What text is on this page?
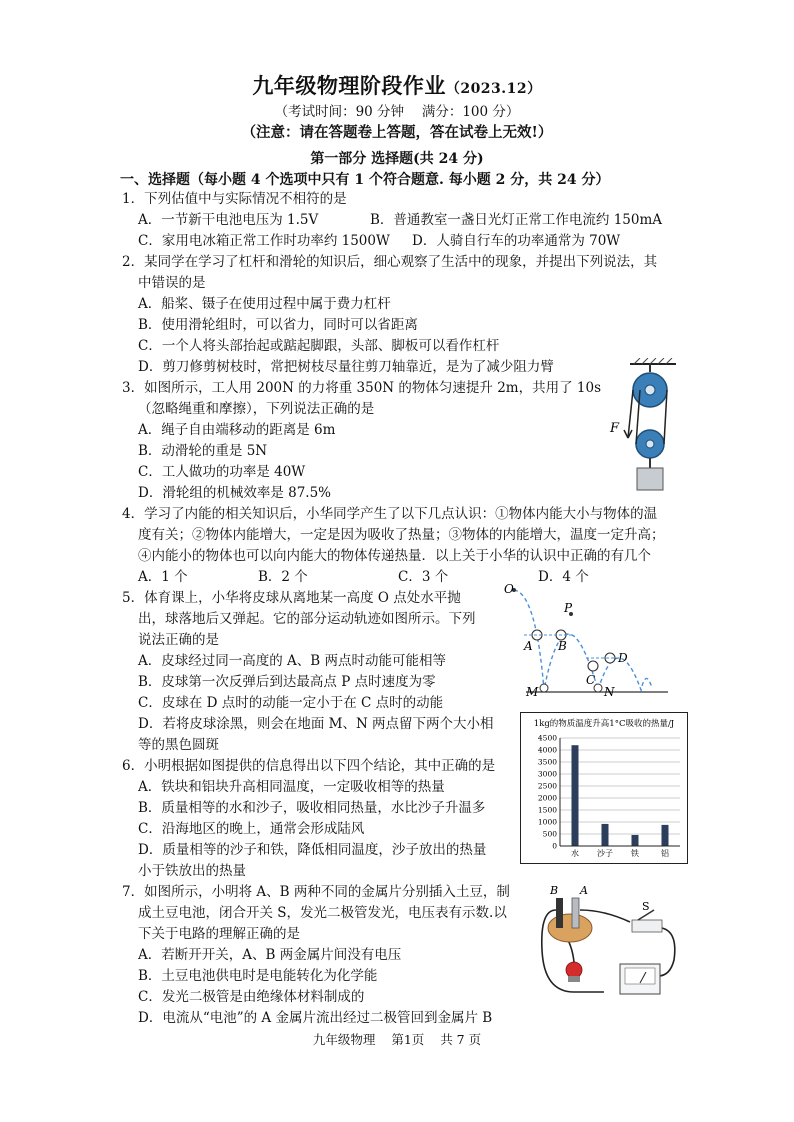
九年级物理阶段作业（2023.12）
（考试时间：90 分钟　 满分：100 分）
（注意：请在答题卷上答题，答在试卷上无效!）
第一部分 选择题(共 24 分)
一、选择题（每小题 4 个选项中只有 1 个符合题意. 每小题 2 分，共 24 分）
1．下列估值中与实际情况不相符的是
A．一节新干电池电压为 1.5V	B．普通教室一盏日光灯正常工作电流约 150mA
C．家用电冰箱正常工作时功率约 1500W D．人骑自行车的功率通常为 70W
2．某同学在学习了杠杆和滑轮的知识后，细心观察了生活中的现象，并提出下列说法，其
中错误的是
A．船桨、镊子在使用过程中属于费力杠杆
B．使用滑轮组时，可以省力，同时可以省距离
C．一个人将头部抬起或踮起脚跟，头部、脚板可以看作杠杆
D．剪刀修剪树枝时，常把树枝尽量往剪刀轴靠近，是为了减少阻力臂
3．如图所示，工人用 200N 的力将重 350N 的物体匀速提升 2m，共用了 10s
（忽略绳重和摩擦），下列说法正确的是
A．绳子自由端移动的距离是 6m
B．动滑轮的重是 5N
C．工人做功的功率是 40W
D．滑轮组的机械效率是 87.5%
F
4．学习了内能的相关知识后，小华同学产生了以下几点认识：①物体内能大小与物体的温
度有关；②物体内能增大，一定是因为吸收了热量；③物体的内能增大，温度一定升高；
④内能小的物体也可以向内能大的物体传递热量．以上关于小华的认识中正确的有几个
A．1 个	B．2 个	C．3 个	D．4 个
5．体育课上，小华将皮球从离地某一高度 O 点处水平抛
出，球落地后又弹起。它的部分运动轨迹如图所示。下列
说法正确的是
A．皮球经过同一高度的 A、B 两点时动能可能相等
B．皮球第一次反弹后到达最高点 P 点时速度为零
C．皮球在 D 点时的动能一定小于在 C 点时的动能
D．若将皮球涂黑，则会在地面 M、N 两点留下两个大小相
等的黑色圆斑
O
P
A B
C
D
M	N
6．小明根据如图提供的信息得出以下四个结论，其中正确的是
A．铁块和铝块升高相同温度，一定吸收相等的热量
B．质量相等的水和沙子，吸收相同热量，水比沙子升温多
C．沿海地区的晚上，通常会形成陆风
D．质量相等的沙子和铁，降低相同温度，沙子放出的热量
小于铁放出的热量
1kg的物质温度升高1°C吸收的热量/J
0
500
1000
1500
2000
2500
3000
3500
4000
4500
水 沙子 铁	铝
7．如图所示，小明将 A、B 两种不同的金属片分别插入土豆，制
成土豆电池，闭合开关 S，发光二极管发光，电压表有示数.以
下关于电路的理解正确的是
A．若断开开关，A、B 两金属片间没有电压
B．土豆电池供电时是电能转化为化学能
C．发光二极管是由绝缘体材料制成的
D．电流从“电池”的 A 金属片流出经过二极管回到金属片 B
B A
S
九年级物理 第1页 共 7 页
